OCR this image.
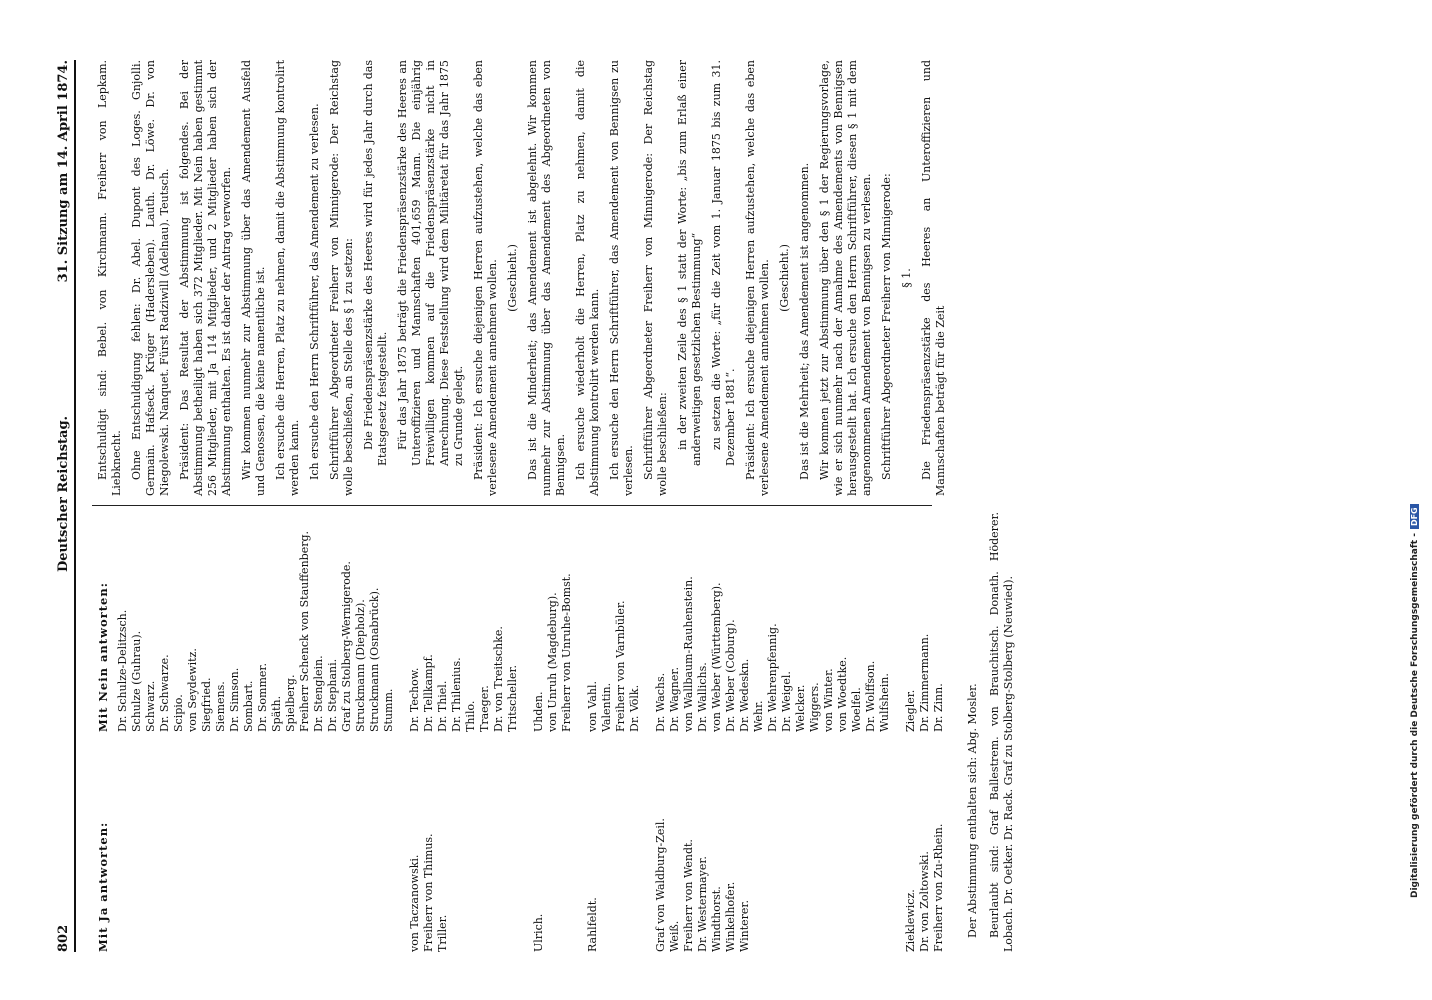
802
Deutscher Reichstag.
31. Sitzung am 14. April 1874.
Mit Ja antworten:
Mit Nein antworten: Dr. Schulze-Delitzsch. Schulze (Guhrau). Schwarz. Dr. Schwarze. Scipio. von Seydewitz. Siegfried. Siemens. Dr. Simson. Sombart. Dr. Sommer. Späth. Spielberg. Freiherr Schenck von Stauffenberg. Dr. Stenglein. Dr. Stephani. Graf zu Stolberg-Wernigerode. Struckmann (Diepholz). Struckmann (Osnabrück). Stumm.
von Taczanowski.
Dr. Techow.
Freiherr von Thimus.
Dr. Tellkampf.
Triller.
Dr. Thiel. Dr. Thilenius. Thilo. Traeger. Dr. von Treitschke. Tritscheller.
Ulrich.
Uhden. von Unruh (Magdeburg). Freiherr von Unruhe-Bomst.
Rahlfeldt.
von Vahl. Valentin. Freiherr von Varnbüler. Dr. Völk.
Graf von Waldburg-Zeil.
Dr. Wachs.
Weiß.
Dr. Wagner.
Freiherr von Wendt.
von Wallbaum-Rauhenstein.
Dr. Westermayer.
Dr. Wallichs.
Windthorst.
von Weber (Württemberg).
Winkelhofer.
Dr. Weber (Coburg).
Winterer.
Dr. Wedeskn. Wehr. Dr. Wehrenpfennig. Dr. Weigel. Welcker. Wiggers. von Winter. von Woedtke. Woelfel. Dr. Wolffson. Wulfshein.
Zieklewicz.
Ziegler.
Dr. von Zoltowski.
Dr. Zimmermann.
Freiherr von Zu-Rhein.
Dr. Zinn. Der Abstimmung enthalten sich: Abg. Mosler. Beurlaubt sind: Graf Ballestrem. von Brauchitsch. Donath. Höderer. Lobach. Dr. Oetker. Dr. Rack. Graf zu Stolberg-Stolberg (Neuwied).
Entschuldigt sind: Bebel. von Kirchmann. Freiherr von Lepkam. Liebknecht. Ohne Entschuldigung fehlen: Dr. Abel. Dupont des Loges. Gnjolli. Germain. Hafseck. Krüger (Hadersleben). Lauth. Dr. Löwe. Dr. von Niegolewski. Nanquet. Fürst Radziwill (Adelnau). Teutsch. Präsident: Das Resultat der Abstimmung ist folgendes. Bei der Abstimmung betheiligt haben sich 372 Mitglieder. Mit Nein haben gestimmt 256 Mitglieder, mit Ja 114 Mitglieder, und 2 Mitglieder haben sich der Abstimmung enthalten. Es ist daher der Antrag verworfen. Wir kommen nunmehr zur Abstimmung über das Amendement Ausfeld und Genossen, die keine namentliche ist. Ich ersuche die Herren, Platz zu nehmen, damit die Abstimmung kontrolirt werden kann. Ich ersuche den Herrn Schriftführer, das Amendement zu verlesen. Schriftführer Abgeordneter Freiherr von Minnigerode: Der Reichstag wolle beschließen, an Stelle des § 1 zu setzen: Die Friedenspräsenzstärke des Heeres wird für jedes Jahr durch das Etatsgesetz festgestellt. Für das Jahr 1875 beträgt die Friedenspräsenzstärke des Heeres an Unteroffizieren und Mannschaften 401,659 Mann. Die einjährig Freiwilligen kommen auf die Friedenspräsenzstärke nicht in Anrechnung. Diese Feststellung wird dem Militäretat für das Jahr 1875 zu Grunde gelegt. Präsident: Ich ersuche diejenigen Herren aufzustehen, welche das eben verlesene Amendement annehmen wollen. (Geschieht.) Das ist die Minderheit; das Amendement ist abgelehnt. Wir kommen nunmehr zur Abstimmung über das Amendement des Abgeordneten von Bennigsen. Ich ersuche wiederholt die Herren, Platz zu nehmen, damit die Abstimmung kontrolirt werden kann. Ich ersuche den Herrn Schriftführer, das Amendement von Bennigsen zu verlesen. Schriftführer Abgeordneter Freiherr von Minnigerode: Der Reichstag wolle beschließen: in der zweiten Zeile des § 1 statt der Worte: „bis zum Erlaß einer anderweitigen gesetzlichen Bestimmung“ zu setzen die Worte: „für die Zeit vom 1. Januar 1875 bis zum 31. Dezember 1881“. Präsident: Ich ersuche diejenigen Herren aufzustehen, welche das eben verlesene Amendement annehmen wollen. (Geschieht.) Das ist die Mehrheit; das Amendement ist angenommen. Wir kommen jetzt zur Abstimmung über den § 1 der Regierungsvorlage, wie er sich nunmehr nach der Annahme des Amendements von Bennigsen herausgestellt hat. Ich ersuche den Herrn Schriftführer, diesen § 1 mit dem angenommenen Amendement von Bennigsen zu verlesen. Schriftführer Abgeordneter Freiherr von Minnigerode: § 1. Die Friedenspräsenzstärke des Heeres an Unteroffizieren und Mannschaften beträgt für die Zeit
Digitalisierung gefördert durch die Deutsche Forschungsgemeinschaft -DFG
